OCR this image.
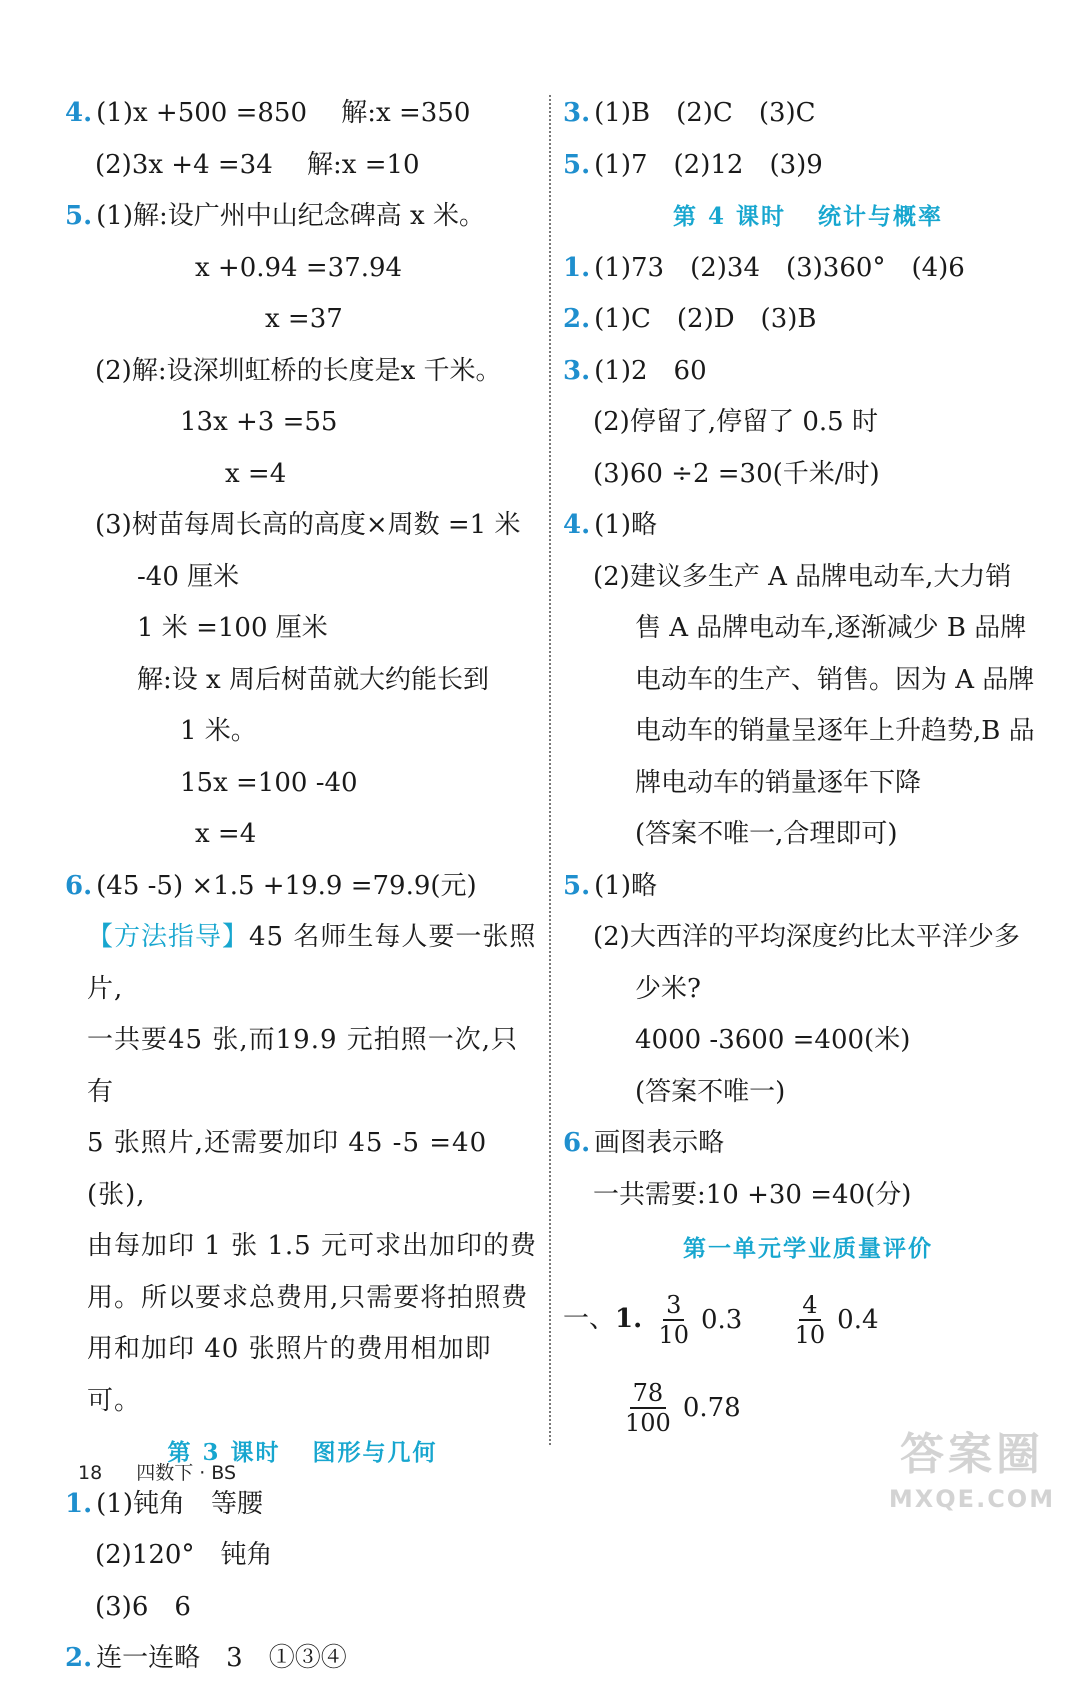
4. (1)x +500 =850　 解:x =350
(2)3x +4 =34　 解:x =10
5. (1)解:设广州中山纪念碑高 x 米。
x +0.94 =37.94
x =37
(2)解:设深圳虹桥的长度是x 千米。
13x +3 =55
x =4
(3)树苗每周长高的高度×周数 =1 米
-40 厘米
1 米 =100 厘米
解:设 x 周后树苗就大约能长到
1 米。
15x =100 -40
x =4
6. (45 -5) ×1.5 +19.9 =79.9(元)
【方法指导】45 名师生每人要一张照片,
一共要45 张,而19.9 元拍照一次,只有
5 张照片,还需要加印 45 -5 =40(张),
由每加印 1 张 1.5 元可求出加印的费
用。所以要求总费用,只需要将拍照费
用和加印 40 张照片的费用相加即可。
第 3 课时 图形与几何
1. (1)钝角　等腰
(2)120°　钝角
(3)6　6
2. 连一连略　3　①③④
3. (1)B　(2)C　(3)C
5. (1)7　(2)12　(3)9
第 4 课时 统计与概率
1. (1)73　(2)34　(3)360°　(4)6
2. (1)C　(2)D　(3)B
3. (1)2　60
(2)停留了,停留了 0.5 时
(3)60 ÷2 =30(千米/时)
4. (1)略
(2)建议多生产 A 品牌电动车,大力销
售 A 品牌电动车,逐渐减少 B 品牌
电动车的生产、销售。因为 A 品牌
电动车的销量呈逐年上升趋势,B 品
牌电动车的销量逐年下降
(答案不唯一,合理即可)
5. (1)略
(2)大西洋的平均深度约比太平洋少多
少米?
4000 -3600 =400(米)
(答案不唯一)
6. 画图表示略
一共需要:10 +30 =40(分)
第一单元学业质量评价
一、1. $\frac{3}{10} 0.3 \frac{4}{10} 0.4$
$\frac{78}{100} 0.78$
18 四数下 · BS	答案圈
MXQE.COM
